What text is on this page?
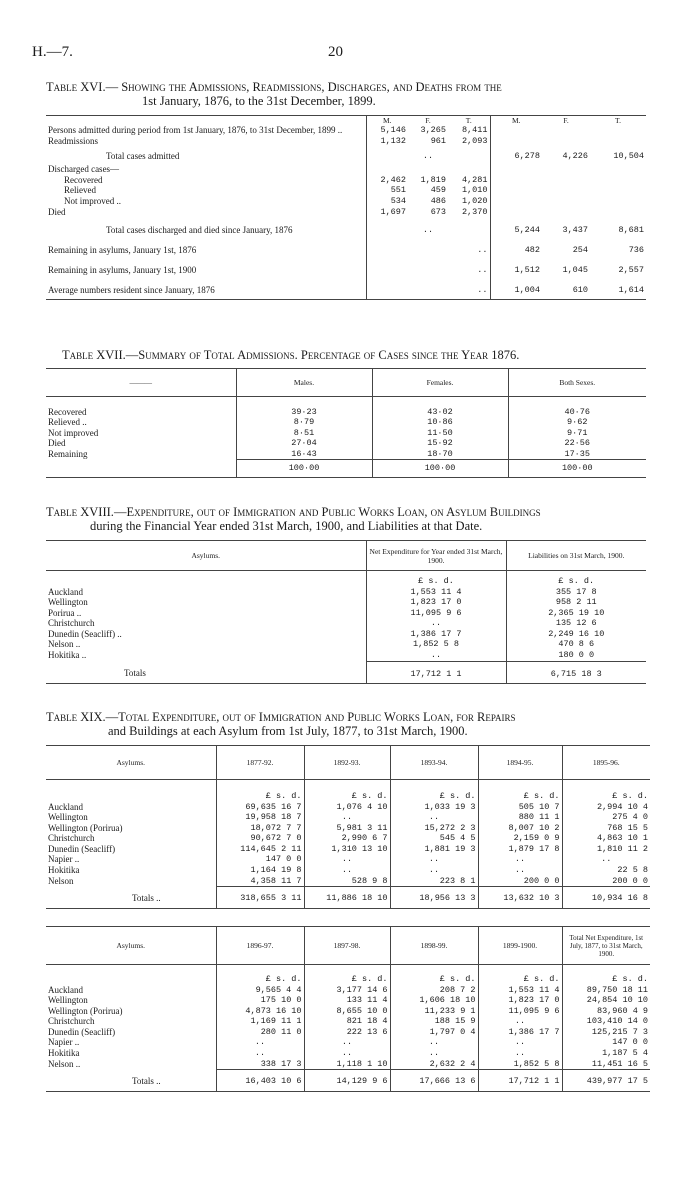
H.—7.	20
Table XVI.— Showing the Admissions, Readmissions, Discharges, and Deaths from the
1st January, 1876, to the 31st December, 1899.
	M.	F.	T.	M.	F.	T.
Persons admitted during period from 1st January, 1876, to 31st December, 1899 ..	5,146	3,265	8,411			
Readmissions	1,132	961	2,093			
Total cases admitted	..			6,278	4,226	10,504
Discharged cases—						
Recovered	2,462	1,819	4,281			
Relieved	551	459	1,010			
Not improved ..	534	486	1,020			
Died	1,697	673	2,370			
Total cases discharged and died since January, 1876	..			5,244	3,437	8,681
Remaining in asylums, January 1st, 1876	..			482	254	736
Remaining in asylums, January 1st, 1900	..			1,512	1,045	2,557
Average numbers resident since January, 1876	..			1,004	610	1,614
Table XVII.—Summary of Total Admissions. Percentage of Cases since the Year 1876.
———	Males.	Females.	Both Sexes.

Recovered	39·23	43·02	40·76
Relieved ..	8·79	10·86	9·62
Not improved	8·51	11·50	9·71
Died	27·04	15·92	22·56
Remaining	16·43	18·70	17·35
	100·00	100·00	100·00
Table XVIII.—Expenditure, out of Immigration and Public Works Loan, on Asylum Buildings
during the Financial Year ended 31st March, 1900, and Liabilities at that Date.
Asylums.	Net Expenditure for Year ended 31st March, 1900.	Liabilities on 31st March, 1900.
	£ s. d.	£ s. d.
Auckland	1,553 11 4	355 17 8
Wellington	1,823 17 0	958 2 11
Porirua ..	11,095 9 6	2,365 19 10
Christchurch	..	135 12 6
Dunedin (Seacliff) ..	1,386 17 7	2,249 16 10
Nelson ..	1,852 5 8	470 8 6
Hokitika ..	..	180 0 0
Totals	17,712 1 1	6,715 18 3
Table XIX.—Total Expenditure, out of Immigration and Public Works Loan, for Repairs
and Buildings at each Asylum from 1st July, 1877, to 31st March, 1900.
Asylums.	1877-92.	1892-93.	1893-94.	1894-95.	1895-96.
	£ s. d.	£ s. d.	£ s. d.	£ s. d.	£ s. d.
Auckland	69,635 16 7	1,076 4 10	1,033 19 3	505 10 7	2,994 10 4
Wellington	19,958 18 7	..	..	880 11 1	275 4 0
Wellington (Porirua)	18,072 7 7	5,981 3 11	15,272 2 3	8,007 10 2	768 15 5
Christchurch	90,672 7 0	2,990 6 7	545 4 5	2,159 0 9	4,863 10 1
Dunedin (Seacliff)	114,645 2 11	1,310 13 10	1,881 19 3	1,879 17 8	1,810 11 2
Napier ..	147 0 0	..	..	..	..
Hokitika	1,164 19 8	..	..	..	22 5 8
Nelson	4,358 11 7	528 9 8	223 8 1	200 0 0	200 0 0
Totals ..	318,655 3 11	11,886 18 10	18,956 13 3	13,632 10 3	10,934 16 8
Asylums.	1896-97.	1897-98.	1898-99.	1899-1900.	Total Net Expenditure, 1st July, 1877, to 31st March, 1900.
	£ s. d.	£ s. d.	£ s. d.	£ s. d.	£ s. d.
Auckland	9,565 4 4	3,177 14 6	208 7 2	1,553 11 4	89,750 18 11
Wellington	175 10 0	133 11 4	1,606 18 10	1,823 17 0	24,854 10 10
Wellington (Porirua)	4,873 16 10	8,655 10 0	11,233 9 1	11,095 9 6	83,960 4 9
Christchurch	1,169 11 1	821 18 4	188 15 9	..	103,410 14 0
Dunedin (Seacliff)	280 11 0	222 13 6	1,797 0 4	1,386 17 7	125,215 7 3
Napier ..	..	..	..	..	147 0 0
Hokitika	..	..	..	..	1,187 5 4
Nelson ..	338 17 3	1,118 1 10	2,632 2 4	1,852 5 8	11,451 16 5
Totals ..	16,403 10 6	14,129 9 6	17,666 13 6	17,712 1 1	439,977 17 5
